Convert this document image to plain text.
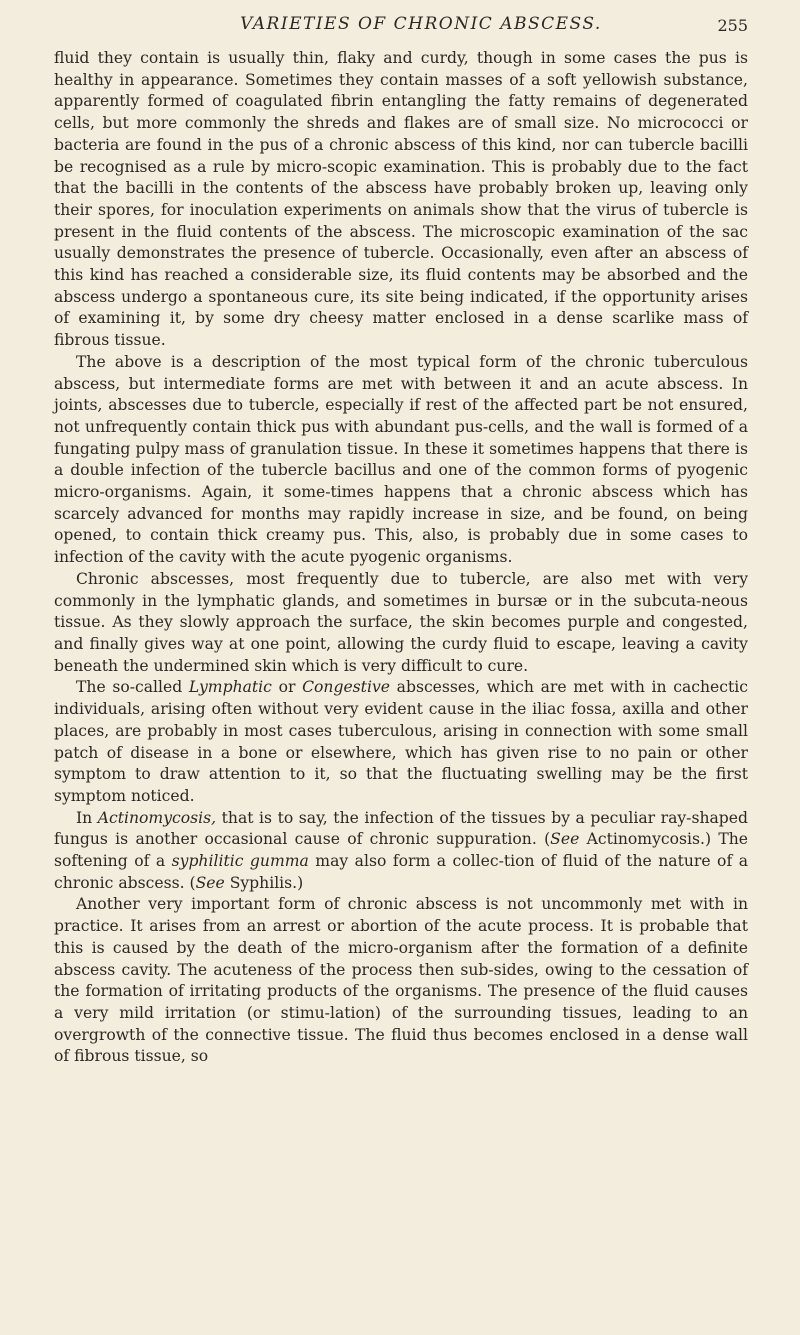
VARIETIES OF CHRONIC ABSCESS.	255

fluid they contain is usually thin, flaky and curdy, though in some cases the pus is healthy in appearance. Sometimes they contain masses of a soft yellowish substance, apparently formed of coagulated fibrin entangling the fatty remains of degenerated cells, but more commonly the shreds and flakes are of small size. No micrococci or bacteria are found in the pus of a chronic abscess of this kind, nor can tubercle bacilli be recognised as a rule by micro-scopic examination. This is probably due to the fact that the bacilli in the contents of the abscess have probably broken up, leaving only their spores, for inoculation experiments on animals show that the virus of tubercle is present in the fluid contents of the abscess. The microscopic examination of the sac usually demonstrates the presence of tubercle. Occasionally, even after an abscess of this kind has reached a considerable size, its fluid contents may be absorbed and the abscess undergo a spontaneous cure, its site being indicated, if the opportunity arises of examining it, by some dry cheesy matter enclosed in a dense scarlike mass of fibrous tissue.

The above is a description of the most typical form of the chronic tuberculous abscess, but intermediate forms are met with between it and an acute abscess. In joints, abscesses due to tubercle, especially if rest of the affected part be not ensured, not unfrequently contain thick pus with abundant pus-cells, and the wall is formed of a fungating pulpy mass of granulation tissue. In these it sometimes happens that there is a double infection of the tubercle bacillus and one of the common forms of pyogenic micro-organisms. Again, it some-times happens that a chronic abscess which has scarcely advanced for months may rapidly increase in size, and be found, on being opened, to contain thick creamy pus. This, also, is probably due in some cases to infection of the cavity with the acute pyogenic organisms.

Chronic abscesses, most frequently due to tubercle, are also met with very commonly in the lymphatic glands, and sometimes in bursæ or in the subcuta-neous tissue. As they slowly approach the surface, the skin becomes purple and congested, and finally gives way at one point, allowing the curdy fluid to escape, leaving a cavity beneath the undermined skin which is very difficult to cure.

The so-called Lymphatic or Congestive abscesses, which are met with in cachectic individuals, arising often without very evident cause in the iliac fossa, axilla and other places, are probably in most cases tuberculous, arising in connection with some small patch of disease in a bone or elsewhere, which has given rise to no pain or other symptom to draw attention to it, so that the fluctuating swelling may be the first symptom noticed.

In Actinomycosis, that is to say, the infection of the tissues by a peculiar ray-shaped fungus is another occasional cause of chronic suppuration. (See Actinomycosis.) The softening of a syphilitic gumma may also form a collec-tion of fluid of the nature of a chronic abscess. (See Syphilis.)

Another very important form of chronic abscess is not uncommonly met with in practice. It arises from an arrest or abortion of the acute process. It is probable that this is caused by the death of the micro-organism after the formation of a definite abscess cavity. The acuteness of the process then sub-sides, owing to the cessation of the formation of irritating products of the organisms. The presence of the fluid causes a very mild irritation (or stimu-lation) of the surrounding tissues, leading to an overgrowth of the connective tissue. The fluid thus becomes enclosed in a dense wall of fibrous tissue, so
